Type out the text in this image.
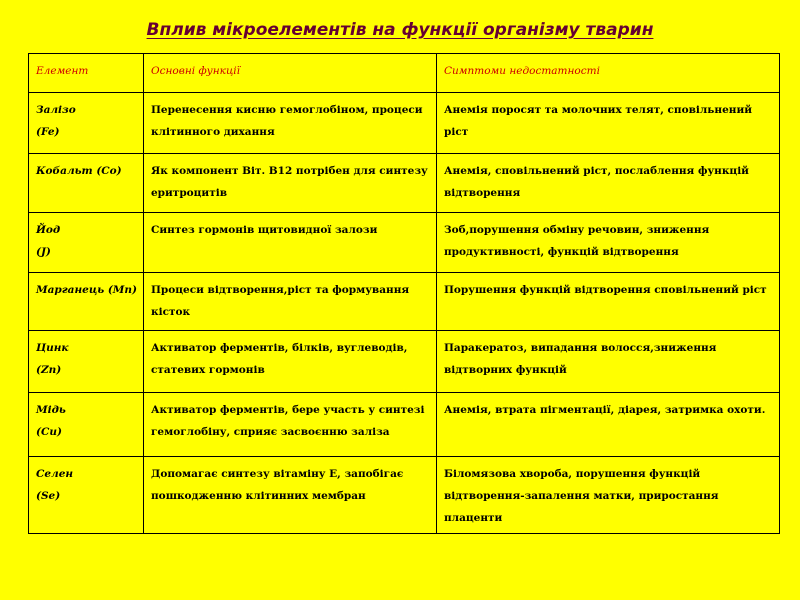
Вплив мікроелементів на функції організму тварин
Елемент	Основні функції	Симптоми недостатності

Залізо
(Fe)	Перенесення кисню гемоглобіном, процеси клітинного дихання	Анемія поросят та молочних телят, сповільнений ріст

Кобальт (Co)	Як компонент Віт. В12 потрібен для синтезу еритроцитів	Анемія, сповільнений ріст, послаблення функцій відтворення

Йод
(J)	Синтез гормонів щитовидної залози	Зоб,порушення обміну речовин, зниження продуктивності, функцій відтворення

Марганець (Mn)	Процеси відтворення,ріст та формування кісток	Порушення функцій відтворення сповільнений ріст

Цинк
(Zn)	Активатор ферментів, білків, вуглеводів, статевих гормонів	Паракератоз, випадання волосся,зниження відтворних функцій

Мідь
(Cu)	Активатор ферментів, бере участь у синтезі гемоглобіну, сприяє засвоєнню заліза	Анемія, втрата пігментації, діарея, затримка охоти.

Селен
(Se)	Допомагає синтезу вітаміну Е, запобігає пошкодженню клітинних мембран	Біломязова хвороба, порушення функцій відтворення-запалення матки, приростання плаценти
